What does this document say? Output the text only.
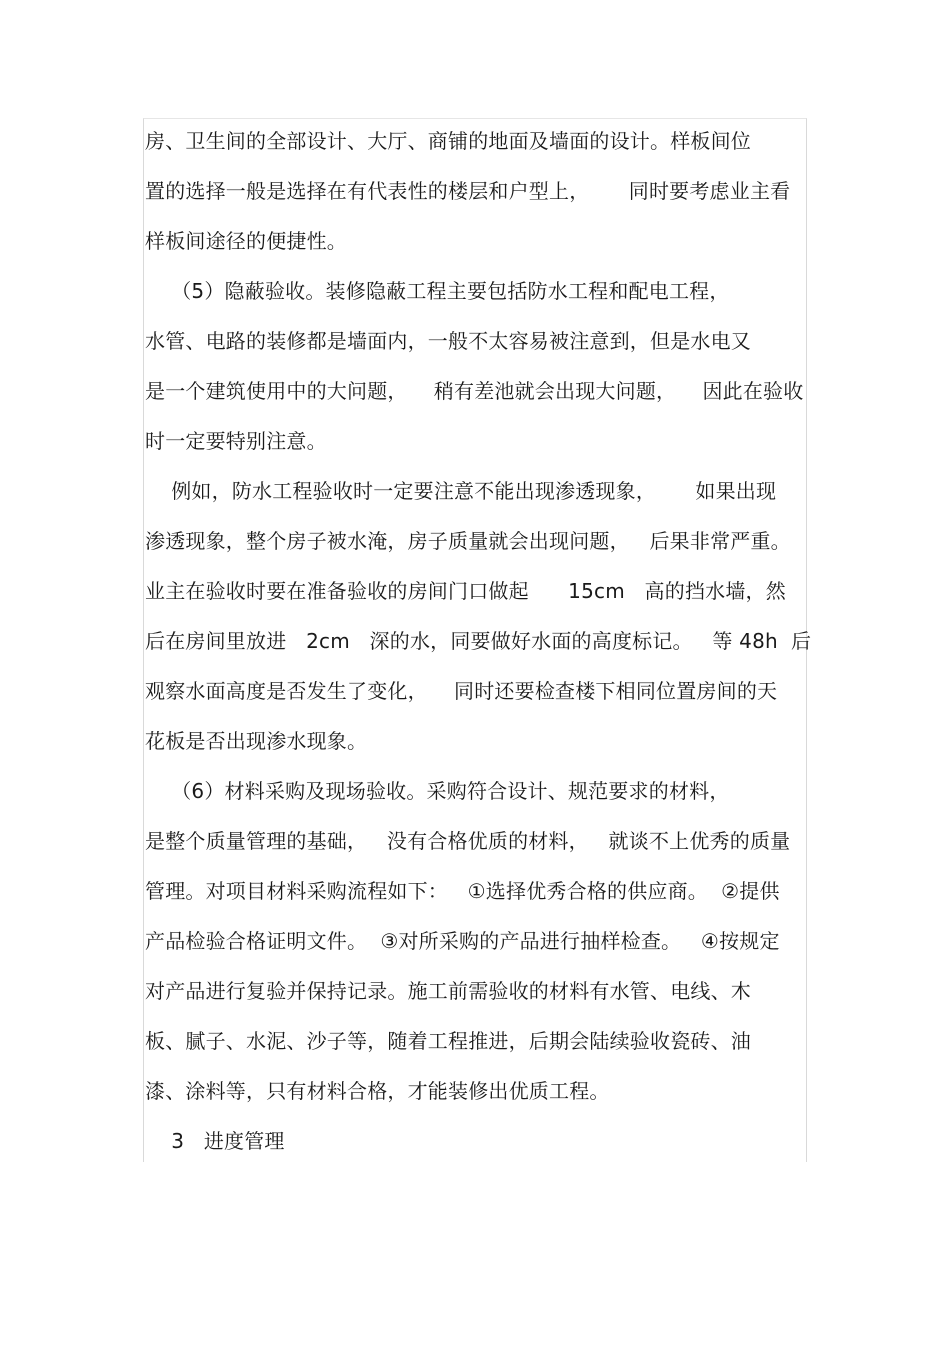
房、卫生间的全部设计、大厅、商铺的地面及墙面的设计。样板间位
置的选择一般是选择在有代表性的楼层和户型上，      同时要考虑业主看
样板间途径的便捷性。
（5）隐蔽验收。装修隐蔽工程主要包括防水工程和配电工程，
水管、电路的装修都是墙面内，一般不太容易被注意到，但是水电又
是一个建筑使用中的大问题，    稍有差池就会出现大问题，    因此在验收
时一定要特别注意。
例如，防水工程验收时一定要注意不能出现渗透现象，      如果出现
渗透现象，整个房子被水淹，房子质量就会出现问题，   后果非常严重。
业主在验收时要在准备验收的房间门口做起      15cm   高的挡水墙，然
后在房间里放进   2cm   深的水，同要做好水面的高度标记。   等 48h  后
观察水面高度是否发生了变化，    同时还要检查楼下相同位置房间的天
花板是否出现渗水现象。
（6）材料采购及现场验收。采购符合设计、规范要求的材料，
是整个质量管理的基础，   没有合格优质的材料，   就谈不上优秀的质量
管理。对项目材料采购流程如下：   ①选择优秀合格的供应商。  ②提供
产品检验合格证明文件。  ③对所采购的产品进行抽样检查。   ④按规定
对产品进行复验并保持记录。施工前需验收的材料有水管、电线、木
板、腻子、水泥、沙子等，随着工程推进，后期会陆续验收瓷砖、油
漆、涂料等，只有材料合格，才能装修出优质工程。
3   进度管理
